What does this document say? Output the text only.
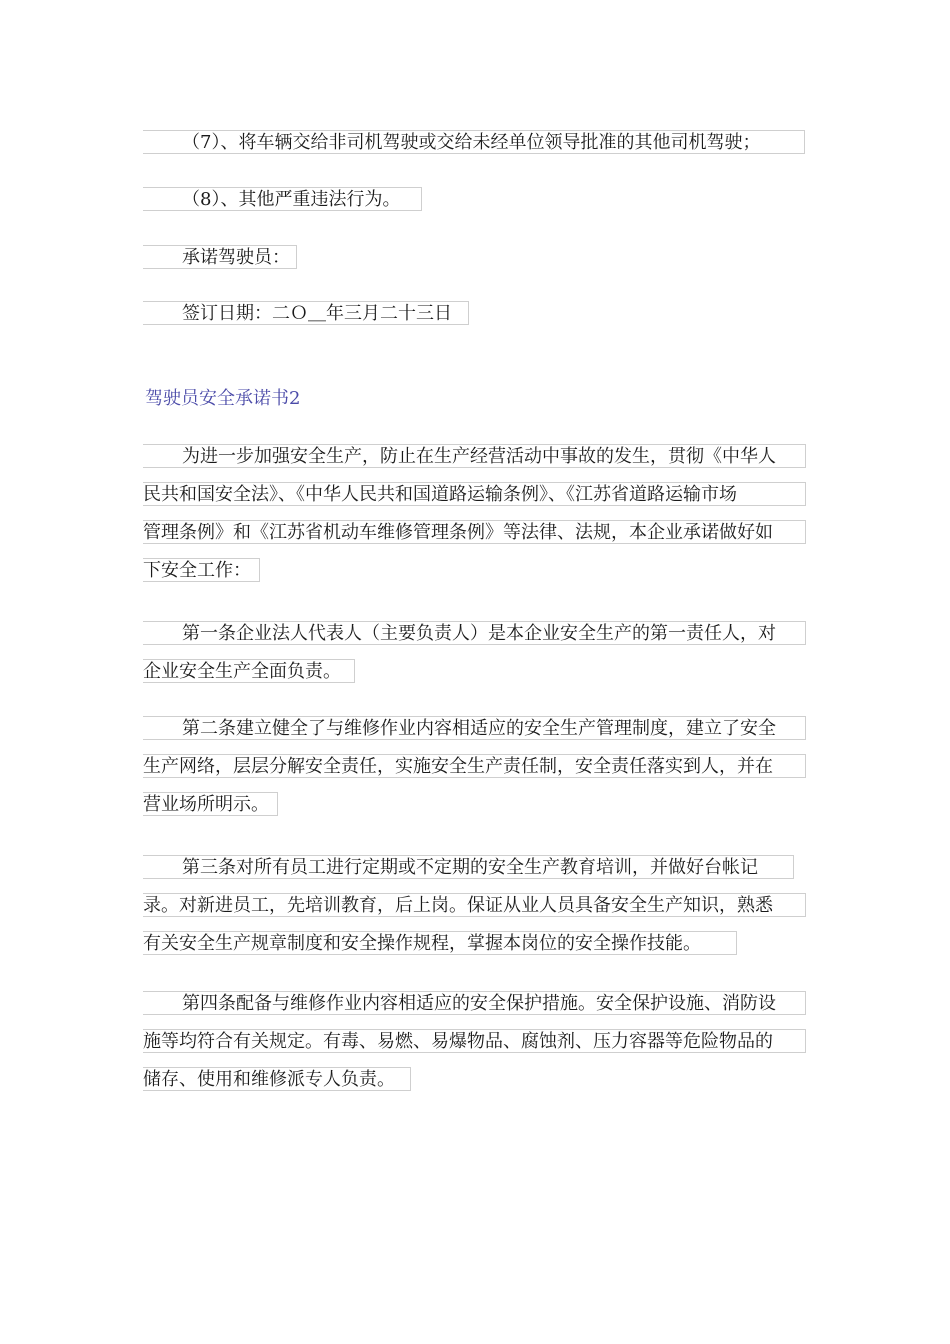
（7）、将车辆交给非司机驾驶或交给未经单位领导批准的其他司机驾驶；
（8）、其他严重违法行为。
承诺驾驶员：
签订日期：二Ｏ＿年三月二十三日
驾驶员安全承诺书2
为进一步加强安全生产，防止在生产经营活动中事故的发生，贯彻《中华人
民共和国安全法》、《中华人民共和国道路运输条例》、《江苏省道路运输市场
管理条例》和《江苏省机动车维修管理条例》等法律、法规，本企业承诺做好如
下安全工作：
第一条企业法人代表人（主要负责人）是本企业安全生产的第一责任人，对
企业安全生产全面负责。
第二条建立健全了与维修作业内容相适应的安全生产管理制度，建立了安全
生产网络，层层分解安全责任，实施安全生产责任制，安全责任落实到人，并在
营业场所明示。
第三条对所有员工进行定期或不定期的安全生产教育培训，并做好台帐记
录。对新进员工，先培训教育，后上岗。保证从业人员具备安全生产知识，熟悉
有关安全生产规章制度和安全操作规程，掌握本岗位的安全操作技能。
第四条配备与维修作业内容相适应的安全保护措施。安全保护设施、消防设
施等均符合有关规定。有毒、易燃、易爆物品、腐蚀剂、压力容器等危险物品的
储存、使用和维修派专人负责。
